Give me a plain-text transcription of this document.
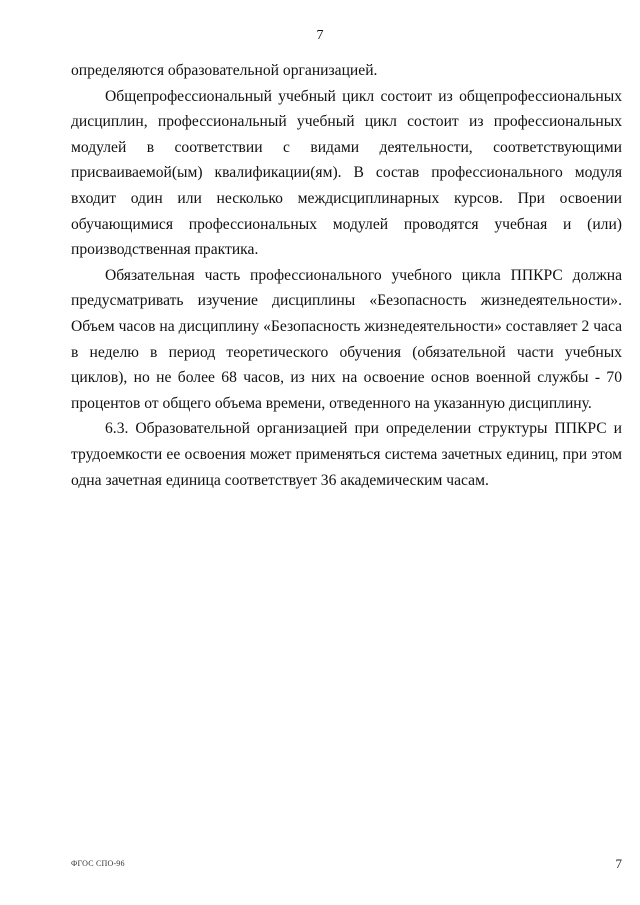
7

определяются образовательной организацией.

Общепрофессиональный учебный цикл состоит из общепрофессиональных дисциплин, профессиональный учебный цикл состоит из профессиональных модулей в соответствии с видами деятельности, соответствующими присваиваемой(ым) квалификации(ям). В состав профессионального модуля входит один или несколько междисциплинарных курсов. При освоении обучающимися профессиональных модулей проводятся учебная и (или) производственная практика.

Обязательная часть профессионального учебного цикла ППКРС должна предусматривать изучение дисциплины «Безопасность жизнедеятельности». Объем часов на дисциплину «Безопасность жизнедеятельности» составляет 2 часа в неделю в период теоретического обучения (обязательной части учебных циклов), но не более 68 часов, из них на освоение основ военной службы - 70 процентов от общего объема времени, отведенного на указанную дисциплину.

6.3. Образовательной организацией при определении структуры ППКРС и трудоемкости ее освоения может применяться система зачетных единиц, при этом одна зачетная единица соответствует 36 академическим часам.

ФГОС СПО-96	7
